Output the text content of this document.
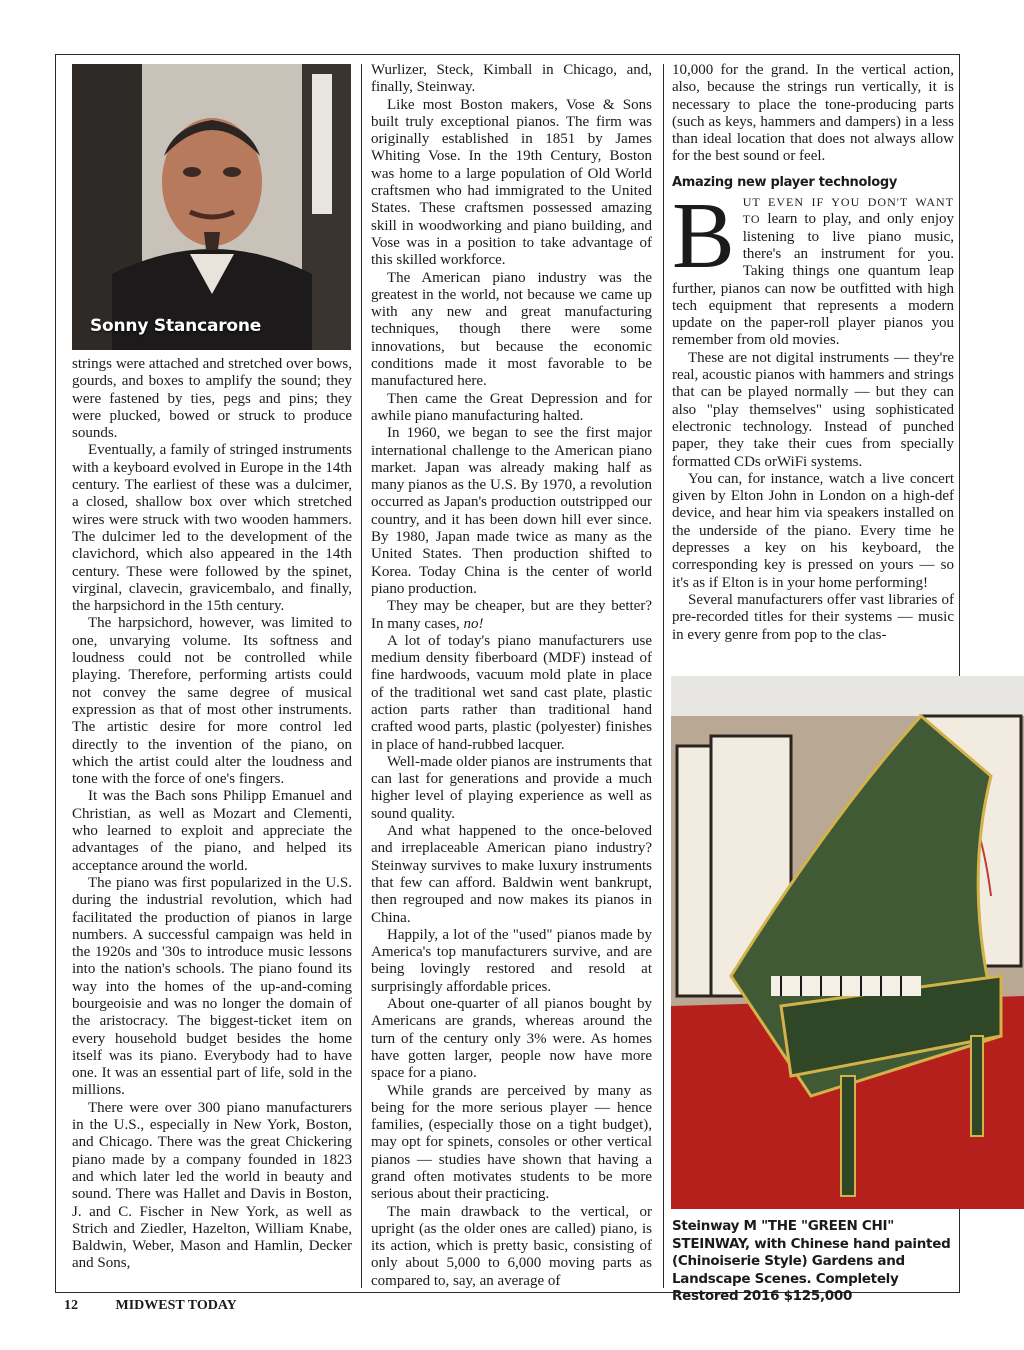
Sonny Stancarone

strings were attached and stretched over bows, gourds, and boxes to amplify the sound; they were fastened by ties, pegs and pins; they were plucked, bowed or struck to produce sounds.

Eventually, a family of stringed instruments with a keyboard evolved in Europe in the 14th century. The earliest of these was a dulcimer, a closed, shallow box over which stretched wires were struck with two wooden hammers. The dulcimer led to the development of the clavichord, which also appeared in the 14th century. These were followed by the spinet, virginal, clavecin, gravicembalo, and finally, the harpsichord in the 15th century.

The harpsichord, however, was limited to one, unvarying volume. Its softness and loudness could not be controlled while playing. Therefore, performing artists could not convey the same degree of musical expression as that of most other instruments. The artistic desire for more control led directly to the invention of the piano, on which the artist could alter the loudness and tone with the force of one's fingers.

It was the Bach sons Philipp Emanuel and Christian, as well as Mozart and Clementi, who learned to exploit and appreciate the advantages of the piano, and helped its acceptance around the world.

The piano was first popularized in the U.S. during the industrial revolution, which had facilitated the production of pianos in large numbers. A successful campaign was held in the 1920s and '30s to introduce music lessons into the nation's schools. The piano found its way into the homes of the up-and-coming bourgeoisie and was no longer the domain of the aristocracy. The biggest-ticket item on every household budget besides the home itself was its piano. Everybody had to have one. It was an essential part of life, sold in the millions.

There were over 300 piano manufacturers in the U.S., especially in New York, Boston, and Chicago. There was the great Chickering piano made by a company founded in 1823 and which later led the world in beauty and sound. There was Hallet and Davis in Boston, J. and C. Fischer in New York, as well as Strich and Ziedler, Hazelton, William Knabe, Baldwin, Weber, Mason and Hamlin, Decker and Sons,

Wurlizer, Steck, Kimball in Chicago, and, finally, Steinway.

Like most Boston makers, Vose & Sons built truly exceptional pianos. The firm was originally established in 1851 by James Whiting Vose. In the 19th Century, Boston was home to a large population of Old World craftsmen who had immigrated to the United States. These craftsmen possessed amazing skill in woodworking and piano building, and Vose was in a position to take advantage of this skilled workforce.

The American piano industry was the greatest in the world, not because we came up with any new and great manufacturing techniques, though there were some innovations, but because the economic conditions made it most favorable to be manufactured here.

Then came the Great Depression and for awhile piano manufacturing halted.

In 1960, we began to see the first major international challenge to the American piano market. Japan was already making half as many pianos as the U.S. By 1970, a revolution occurred as Japan's production outstripped our country, and it has been down hill ever since. By 1980, Japan made twice as many as the United States. Then production shifted to Korea. Today China is the center of world piano production.

They may be cheaper, but are they better? In many cases, no!

A lot of today's piano manufacturers use medium density fiberboard (MDF) instead of fine hardwoods, vacuum mold plate in place of the traditional wet sand cast plate, plastic action parts rather than traditional hand crafted wood parts, plastic (polyester) finishes in place of hand-rubbed lacquer.

Well-made older pianos are instruments that can last for generations and provide a much higher level of playing experience as well as sound quality.

And what happened to the once-beloved and irreplaceable American piano industry? Steinway survives to make luxury instruments that few can afford. Baldwin went bankrupt, then regrouped and now makes its pianos in China.

Happily, a lot of the "used" pianos made by America's top manufacturers survive, and are being lovingly restored and resold at surprisingly affordable prices.

About one-quarter of all pianos bought by Americans are grands, whereas around the turn of the century only 3% were. As homes have gotten larger, people now have more space for a piano.

While grands are perceived by many as being for the more serious player — hence families, (especially those on a tight budget), may opt for spinets, consoles or other vertical pianos — studies have shown that having a grand often motivates students to be more serious about their practicing.

The main drawback to the vertical, or upright (as the older ones are called) piano, is its action, which is pretty basic, consisting of only about 5,000 to 6,000 moving parts as compared to, say, an average of

10,000 for the grand. In the vertical action, also, because the strings run vertically, it is necessary to place the tone-producing parts (such as keys, hammers and dampers) in a less than ideal location that does not always allow for the best sound or feel.

Amazing new player technology
B UT EVEN IF YOU DON'T WANT TO learn to play, and only enjoy listening to live piano music, there's an instrument for you. Taking things one quantum leap further, pianos can now be outfitted with high tech equipment that represents a modern update on the paper-roll player pianos you remember from old movies.

These are not digital instruments — they're real, acoustic pianos with hammers and strings that can be played normally — but they can also "play themselves" using sophisticated electronic technology. Instead of punched paper, they take their cues from specially formatted CDs orWiFi systems.

You can, for instance, watch a live concert given by Elton John in London on a high-def device, and hear him via speakers installed on the underside of the piano. Every time he depresses a key on his keyboard, the corresponding key is pressed on yours — so it's as if Elton is in your home performing!

Several manufacturers offer vast libraries of pre-recorded titles for their systems — music in every genre from pop to the clas-

Steinway M "THE "GREEN CHI" STEINWAY, with Chinese hand painted (Chinoiserie Style) Gardens and Landscape Scenes. Completely Restored 2016 $125,000
12	MIDWEST TODAY
